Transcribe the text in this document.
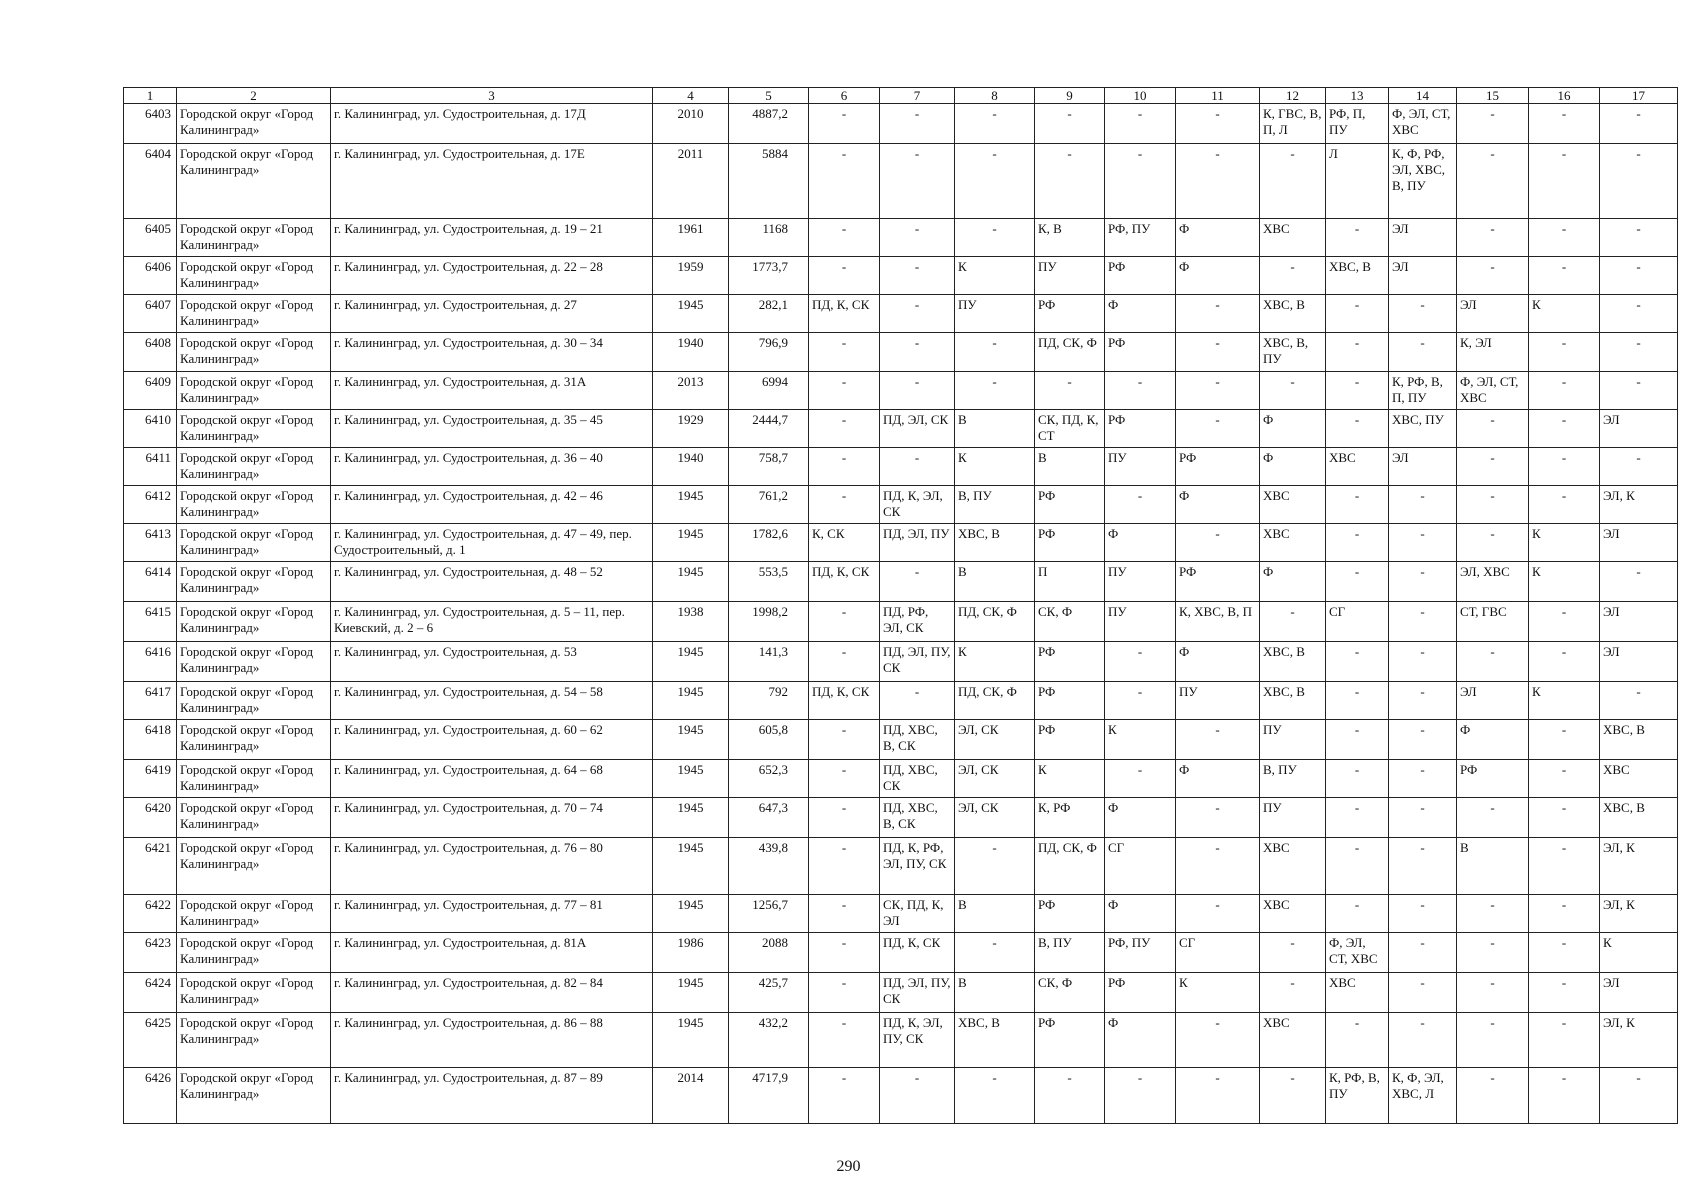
1	2	3	4	5	6	7	8	9	10	11	12	13	14	15	16	17
6403	Городской округ «Город Калининград»	г. Калининград, ул. Судостроительная, д. 17Д	2010	4887,2	-	-	-	-	-	-	К, ГВС, В, П, Л	РФ, П, ПУ	Ф, ЭЛ, СТ, ХВС	-	-	-
6404	Городской округ «Город Калининград»	г. Калининград, ул. Судостроительная, д. 17Е	2011	5884	-	-	-	-	-	-	-	Л	К, Ф, РФ, ЭЛ, ХВС, В, ПУ	-	-	-
6405	Городской округ «Город Калининград»	г. Калининград, ул. Судостроительная, д. 19 – 21	1961	1168	-	-	-	К, В	РФ, ПУ	Ф	ХВС	-	ЭЛ	-	-	-
6406	Городской округ «Город Калининград»	г. Калининград, ул. Судостроительная, д. 22 – 28	1959	1773,7	-	-	К	ПУ	РФ	Ф	-	ХВС, В	ЭЛ	-	-	-
6407	Городской округ «Город Калининград»	г. Калининград, ул. Судостроительная, д. 27	1945	282,1	ПД, К, СК	-	ПУ	РФ	Ф	-	ХВС, В	-	-	ЭЛ	К	-
6408	Городской округ «Город Калининград»	г. Калининград, ул. Судостроительная, д. 30 – 34	1940	796,9	-	-	-	ПД, СК, Ф	РФ	-	ХВС, В, ПУ	-	-	К, ЭЛ	-	-
6409	Городской округ «Город Калининград»	г. Калининград, ул. Судостроительная, д. 31А	2013	6994	-	-	-	-	-	-	-	-	К, РФ, В, П, ПУ	Ф, ЭЛ, СТ, ХВС	-	-
6410	Городской округ «Город Калининград»	г. Калининград, ул. Судостроительная, д. 35 – 45	1929	2444,7	-	ПД, ЭЛ, СК	В	СК, ПД, К, СТ	РФ	-	Ф	-	ХВС, ПУ	-	-	ЭЛ
6411	Городской округ «Город Калининград»	г. Калининград, ул. Судостроительная, д. 36 – 40	1940	758,7	-	-	К	В	ПУ	РФ	Ф	ХВС	ЭЛ	-	-	-
6412	Городской округ «Город Калининград»	г. Калининград, ул. Судостроительная, д. 42 – 46	1945	761,2	-	ПД, К, ЭЛ, СК	В, ПУ	РФ	-	Ф	ХВС	-	-	-	-	ЭЛ, К
6413	Городской округ «Город Калининград»	г. Калининград, ул. Судостроительная, д. 47 – 49, пер. Судостроительный, д. 1	1945	1782,6	К, СК	ПД, ЭЛ, ПУ	ХВС, В	РФ	Ф	-	ХВС	-	-	-	К	ЭЛ
6414	Городской округ «Город Калининград»	г. Калининград, ул. Судостроительная, д. 48 – 52	1945	553,5	ПД, К, СК	-	В	П	ПУ	РФ	Ф	-	-	ЭЛ, ХВС	К	-
6415	Городской округ «Город Калининград»	г. Калининград, ул. Судостроительная, д. 5 – 11, пер. Киевский, д. 2 – 6	1938	1998,2	-	ПД, РФ, ЭЛ, СК	ПД, СК, Ф	СК, Ф	ПУ	К, ХВС, В, П	-	СГ	-	СТ, ГВС	-	ЭЛ
6416	Городской округ «Город Калининград»	г. Калининград, ул. Судостроительная, д. 53	1945	141,3	-	ПД, ЭЛ, ПУ, СК	К	РФ	-	Ф	ХВС, В	-	-	-	-	ЭЛ
6417	Городской округ «Город Калининград»	г. Калининград, ул. Судостроительная, д. 54 – 58	1945	792	ПД, К, СК	-	ПД, СК, Ф	РФ	-	ПУ	ХВС, В	-	-	ЭЛ	К	-
6418	Городской округ «Город Калининград»	г. Калининград, ул. Судостроительная, д. 60 – 62	1945	605,8	-	ПД, ХВС, В, СК	ЭЛ, СК	РФ	К	-	ПУ	-	-	Ф	-	ХВС, В
6419	Городской округ «Город Калининград»	г. Калининград, ул. Судостроительная, д. 64 – 68	1945	652,3	-	ПД, ХВС, СК	ЭЛ, СК	К	-	Ф	В, ПУ	-	-	РФ	-	ХВС
6420	Городской округ «Город Калининград»	г. Калининград, ул. Судостроительная, д. 70 – 74	1945	647,3	-	ПД, ХВС, В, СК	ЭЛ, СК	К, РФ	Ф	-	ПУ	-	-	-	-	ХВС, В
6421	Городской округ «Город Калининград»	г. Калининград, ул. Судостроительная, д. 76 – 80	1945	439,8	-	ПД, К, РФ, ЭЛ, ПУ, СК	-	ПД, СК, Ф	СГ	-	ХВС	-	-	В	-	ЭЛ, К
6422	Городской округ «Город Калининград»	г. Калининград, ул. Судостроительная, д. 77 – 81	1945	1256,7	-	СК, ПД, К, ЭЛ	В	РФ	Ф	-	ХВС	-	-	-	-	ЭЛ, К
6423	Городской округ «Город Калининград»	г. Калининград, ул. Судостроительная, д. 81А	1986	2088	-	ПД, К, СК	-	В, ПУ	РФ, ПУ	СГ	-	Ф, ЭЛ, СТ, ХВС	-	-	-	К
6424	Городской округ «Город Калининград»	г. Калининград, ул. Судостроительная, д. 82 – 84	1945	425,7	-	ПД, ЭЛ, ПУ, СК	В	СК, Ф	РФ	К	-	ХВС	-	-	-	ЭЛ
6425	Городской округ «Город Калининград»	г. Калининград, ул. Судостроительная, д. 86 – 88	1945	432,2	-	ПД, К, ЭЛ, ПУ, СК	ХВС, В	РФ	Ф	-	ХВС	-	-	-	-	ЭЛ, К
6426	Городской округ «Город Калининград»	г. Калининград, ул. Судостроительная, д. 87 – 89	2014	4717,9	-	-	-	-	-	-	-	К, РФ, В, ПУ	К, Ф, ЭЛ, ХВС, Л	-	-	-
290
